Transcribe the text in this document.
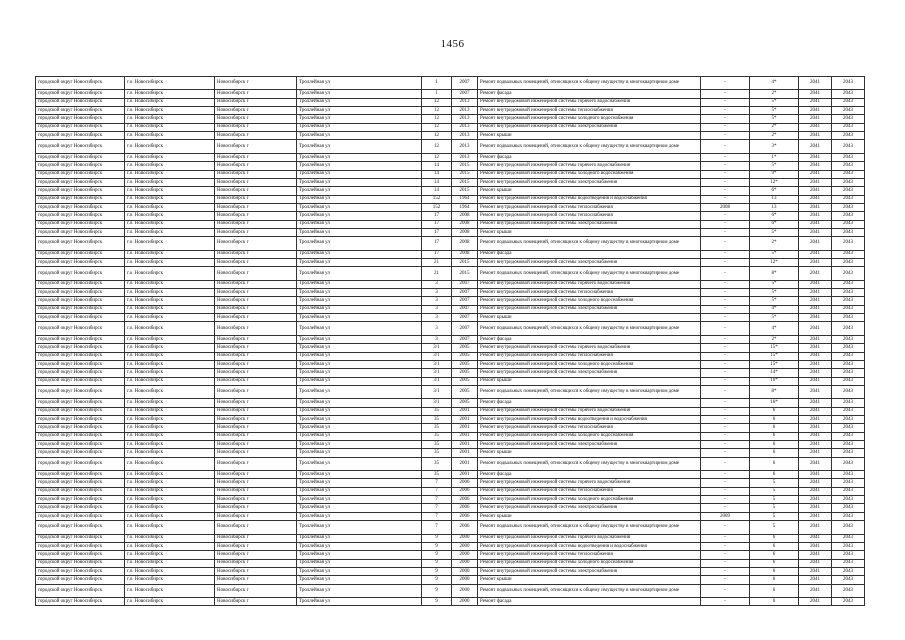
1456
городской округ Новосибирск	г.о. Новосибирск	Новосибирск г	Троллейная ул	1	2007	Ремонт подвальных помещений, относящихся к общему имуществу в многоквартирном доме	-	4*	2041	2043
городской округ Новосибирск	г.о. Новосибирск	Новосибирск г	Троллейная ул	1	2007	Ремонт фасада	-	2*	2041	2043
городской округ Новосибирск	г.о. Новосибирск	Новосибирск г	Троллейная ул	12	2013	Ремонт внутридомовой инженерной системы горячего водоснабжения	-	5*	2041	2043
городской округ Новосибирск	г.о. Новосибирск	Новосибирск г	Троллейная ул	12	2013	Ремонт внутридомовой инженерной системы теплоснабжения	-	5*	2041	2043
городской округ Новосибирск	г.о. Новосибирск	Новосибирск г	Троллейная ул	12	2013	Ремонт внутридомовой инженерной системы холодного водоснабжения	-	5*	2041	2043
городской округ Новосибирск	г.о. Новосибирск	Новосибирск г	Троллейная ул	12	2013	Ремонт внутридомовой инженерной системы электроснабжения	-	2*	2041	2043
городской округ Новосибирск	г.о. Новосибирск	Новосибирск г	Троллейная ул	12	2013	Ремонт крыши	-	2*	2041	2043
городской округ Новосибирск	г.о. Новосибирск	Новосибирск г	Троллейная ул	12	2013	Ремонт подвальных помещений, относящихся к общему имуществу в многоквартирном доме	-	3*	2041	2043
городской округ Новосибирск	г.о. Новосибирск	Новосибирск г	Троллейная ул	12	2013	Ремонт фасада	-	1*	2041	2043
городской округ Новосибирск	г.о. Новосибирск	Новосибирск г	Троллейная ул	14	2015	Ремонт внутридомовой инженерной системы горячего водоснабжения	-	5*	2041	2043
городской округ Новосибирск	г.о. Новосибирск	Новосибирск г	Троллейная ул	14	2015	Ремонт внутридомовой инженерной системы холодного водоснабжения	-	9*	2041	2043
городской округ Новосибирск	г.о. Новосибирск	Новосибирск г	Троллейная ул	14	2015	Ремонт внутридомовой инженерной системы электроснабжения	-	12*	2041	2043
городской округ Новосибирск	г.о. Новосибирск	Новосибирск г	Троллейная ул	14	2015	Ремонт крыши	-	6*	2041	2043
городской округ Новосибирск	г.о. Новосибирск	Новосибирск г	Троллейная ул	152	1964	Ремонт внутридомовой инженерной системы водоотведения и водоснабжения	-	13	2041	2043
городской округ Новосибирск	г.о. Новосибирск	Новосибирск г	Троллейная ул	152	1964	Ремонт внутридомовой инженерной системы теплоснабжения	2008	13	2041	2043
городской округ Новосибирск	г.о. Новосибирск	Новосибирск г	Троллейная ул	17	2008	Ремонт внутридомовой инженерной системы теплоснабжения	-	6*	2041	2043
городской округ Новосибирск	г.о. Новосибирск	Новосибирск г	Троллейная ул	17	2008	Ремонт внутридомовой инженерной системы электроснабжения	-	6*	2041	2043
городской округ Новосибирск	г.о. Новосибирск	Новосибирск г	Троллейная ул	17	2008	Ремонт крыши	-	5*	2041	2043
городской округ Новосибирск	г.о. Новосибирск	Новосибирск г	Троллейная ул	17	2008	Ремонт подвальных помещений, относящихся к общему имуществу в многоквартирном доме	-	2*	2041	2043
городской округ Новосибирск	г.о. Новосибирск	Новосибирск г	Троллейная ул	17	2008	Ремонт фасада	-	5*	2041	2043
городской округ Новосибирск	г.о. Новосибирск	Новосибирск г	Троллейная ул	21	2015	Ремонт внутридомовой инженерной системы электроснабжения	-	12*	2041	2043
городской округ Новосибирск	г.о. Новосибирск	Новосибирск г	Троллейная ул	21	2015	Ремонт подвальных помещений, относящихся к общему имуществу в многоквартирном доме	-	8*	2041	2043
городской округ Новосибирск	г.о. Новосибирск	Новосибирск г	Троллейная ул	3	2007	Ремонт внутридомовой инженерной системы горячего водоснабжения	-	5*	2041	2043
городской округ Новосибирск	г.о. Новосибирск	Новосибирск г	Троллейная ул	3	2007	Ремонт внутридомовой инженерной системы теплоснабжения	-	5*	2041	2043
городской округ Новосибирск	г.о. Новосибирск	Новосибирск г	Троллейная ул	3	2007	Ремонт внутридомовой инженерной системы холодного водоснабжения	-	5*	2041	2043
городской округ Новосибирск	г.о. Новосибирск	Новосибирск г	Троллейная ул	3	2007	Ремонт внутридомовой инженерной системы электроснабжения	-	4*	2041	2043
городской округ Новосибирск	г.о. Новосибирск	Новосибирск г	Троллейная ул	3	2007	Ремонт крыши	-	5*	2041	2043
городской округ Новосибирск	г.о. Новосибирск	Новосибирск г	Троллейная ул	3	2007	Ремонт подвальных помещений, относящихся к общему имуществу в многоквартирном доме	-	4*	2041	2043
городской округ Новосибирск	г.о. Новосибирск	Новосибирск г	Троллейная ул	3	2007	Ремонт фасада	-	2*	2041	2043
городской округ Новосибирск	г.о. Новосибирск	Новосибирск г	Троллейная ул	3/1	2005	Ремонт внутридомовой инженерной системы горячего водоснабжения	-	15*	2041	2043
городской округ Новосибирск	г.о. Новосибирск	Новосибирск г	Троллейная ул	3/1	2005	Ремонт внутридомовой инженерной системы теплоснабжения	-	15*	2041	2043
городской округ Новосибирск	г.о. Новосибирск	Новосибирск г	Троллейная ул	3/1	2005	Ремонт внутридомовой инженерной системы холодного водоснабжения	-	15*	2041	2043
городской округ Новосибирск	г.о. Новосибирск	Новосибирск г	Троллейная ул	3/1	2005	Ремонт внутридомовой инженерной системы электроснабжения	-	14*	2041	2043
городской округ Новосибирск	г.о. Новосибирск	Новосибирск г	Троллейная ул	3/1	2005	Ремонт крыши	-	16*	2041	2043
городской округ Новосибирск	г.о. Новосибирск	Новосибирск г	Троллейная ул	3/1	2005	Ремонт подвальных помещений, относящихся к общему имуществу в многоквартирном доме	-	8*	2041	2043
городской округ Новосибирск	г.о. Новосибирск	Новосибирск г	Троллейная ул	3/1	2005	Ремонт фасада	-	16*	2041	2043
городской округ Новосибирск	г.о. Новосибирск	Новосибирск г	Троллейная ул	35	2001	Ремонт внутридомовой инженерной системы горячего водоснабжения	-	6	2041	2043
городской округ Новосибирск	г.о. Новосибирск	Новосибирск г	Троллейная ул	35	2001	Ремонт внутридомовой инженерной системы водоотведения и водоснабжения	-	6	2041	2043
городской округ Новосибирск	г.о. Новосибирск	Новосибирск г	Троллейная ул	35	2001	Ремонт внутридомовой инженерной системы теплоснабжения	-	6	2041	2043
городской округ Новосибирск	г.о. Новосибирск	Новосибирск г	Троллейная ул	35	2001	Ремонт внутридомовой инженерной системы холодного водоснабжения	-	6	2041	2043
городской округ Новосибирск	г.о. Новосибирск	Новосибирск г	Троллейная ул	35	2001	Ремонт внутридомовой инженерной системы электроснабжения	-	6	2041	2043
городской округ Новосибирск	г.о. Новосибирск	Новосибирск г	Троллейная ул	35	2001	Ремонт крыши	-	6	2041	2043
городской округ Новосибирск	г.о. Новосибирск	Новосибирск г	Троллейная ул	35	2001	Ремонт подвальных помещений, относящихся к общему имуществу в многоквартирном доме	-	6	2041	2043
городской округ Новосибирск	г.о. Новосибирск	Новосибирск г	Троллейная ул	35	2001	Ремонт фасада	-	6	2041	2043
городской округ Новосибирск	г.о. Новосибирск	Новосибирск г	Троллейная ул	7	2006	Ремонт внутридомовой инженерной системы горячего водоснабжения	-	5	2041	2043
городской округ Новосибирск	г.о. Новосибирск	Новосибирск г	Троллейная ул	7	2006	Ремонт внутридомовой инженерной системы теплоснабжения	-	5	2041	2043
городской округ Новосибирск	г.о. Новосибирск	Новосибирск г	Троллейная ул	7	2006	Ремонт внутридомовой инженерной системы холодного водоснабжения	-	5	2041	2043
городской округ Новосибирск	г.о. Новосибирск	Новосибирск г	Троллейная ул	7	2006	Ремонт внутридомовой инженерной системы электроснабжения	-	5	2041	2043
городской округ Новосибирск	г.о. Новосибирск	Новосибирск г	Троллейная ул	7	2006	Ремонт крыши	2009	5	2041	2043
городской округ Новосибирск	г.о. Новосибирск	Новосибирск г	Троллейная ул	7	2006	Ремонт подвальных помещений, относящихся к общему имуществу в многоквартирном доме	-	5	2041	2043
городской округ Новосибирск	г.о. Новосибирск	Новосибирск г	Троллейная ул	9	2000	Ремонт внутридомовой инженерной системы горячего водоснабжения	-	6	2041	2043
городской округ Новосибирск	г.о. Новосибирск	Новосибирск г	Троллейная ул	9	2000	Ремонт внутридомовой инженерной системы водоотведения и водоснабжения	-	6	2041	2043
городской округ Новосибирск	г.о. Новосибирск	Новосибирск г	Троллейная ул	9	2000	Ремонт внутридомовой инженерной системы теплоснабжения	-	6	2041	2043
городской округ Новосибирск	г.о. Новосибирск	Новосибирск г	Троллейная ул	9	2000	Ремонт внутридомовой инженерной системы холодного водоснабжения	-	6	2041	2043
городской округ Новосибирск	г.о. Новосибирск	Новосибирск г	Троллейная ул	9	2000	Ремонт внутридомовой инженерной системы электроснабжения	-	6	2041	2043
городской округ Новосибирск	г.о. Новосибирск	Новосибирск г	Троллейная ул	9	2000	Ремонт крыши	-	6	2041	2043
городской округ Новосибирск	г.о. Новосибирск	Новосибирск г	Троллейная ул	9	2000	Ремонт подвальных помещений, относящихся к общему имуществу в многоквартирном доме	-	6	2041	2043
городской округ Новосибирск	г.о. Новосибирск	Новосибирск г	Троллейная ул	9	2000	Ремонт фасада	-	6	2041	2043
